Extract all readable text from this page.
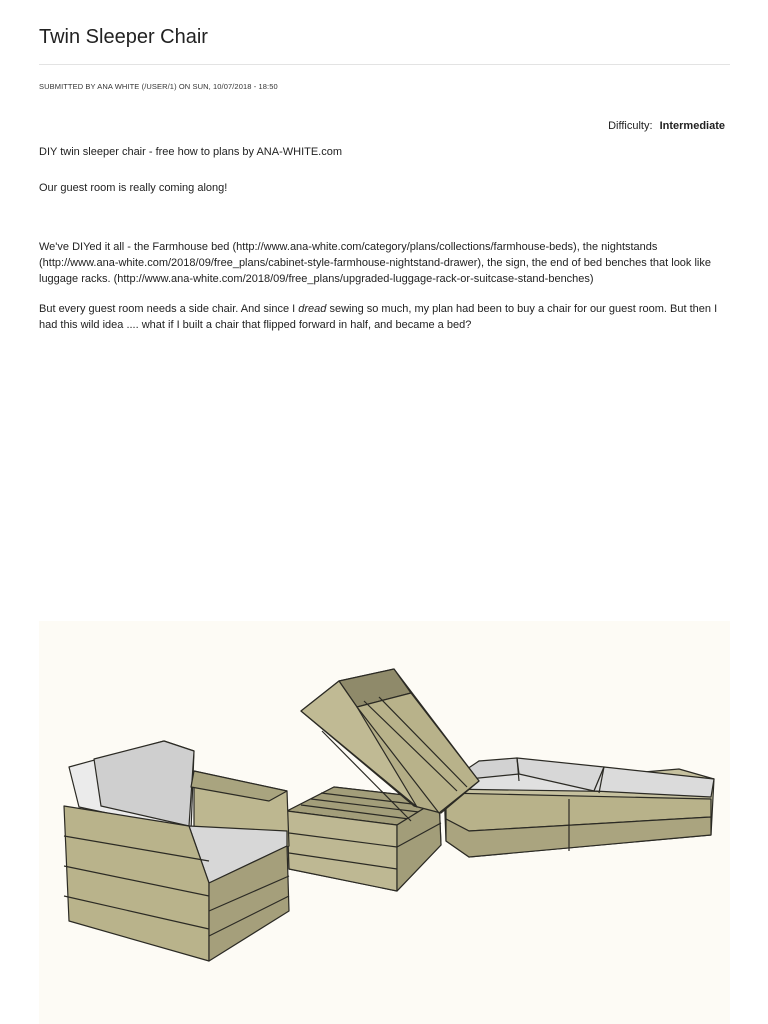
Twin Sleeper Chair
SUBMITTED BY ANA WHITE (/USER/1) ON SUN, 10/07/2018 - 18:50
Difficulty: Intermediate

DIY twin sleeper chair - free how to plans by ANA-WHITE.com

Our guest room is really coming along!

We've DIYed it all - the Farmhouse bed (http://www.ana-white.com/category/plans/collections/farmhouse-beds), the nightstands (http://www.ana-white.com/2018/09/free_plans/cabinet-style-farmhouse-nightstand-drawer), the sign, the end of bed benches that look like luggage racks. (http://www.ana-white.com/2018/09/free_plans/upgraded-luggage-rack-or-suitcase-stand-benches)

But every guest room needs a side chair. And since I dread sewing so much, my plan had been to buy a chair for our guest room. But then I had this wild idea .... what if I built a chair that flipped forward in half, and became a bed?
